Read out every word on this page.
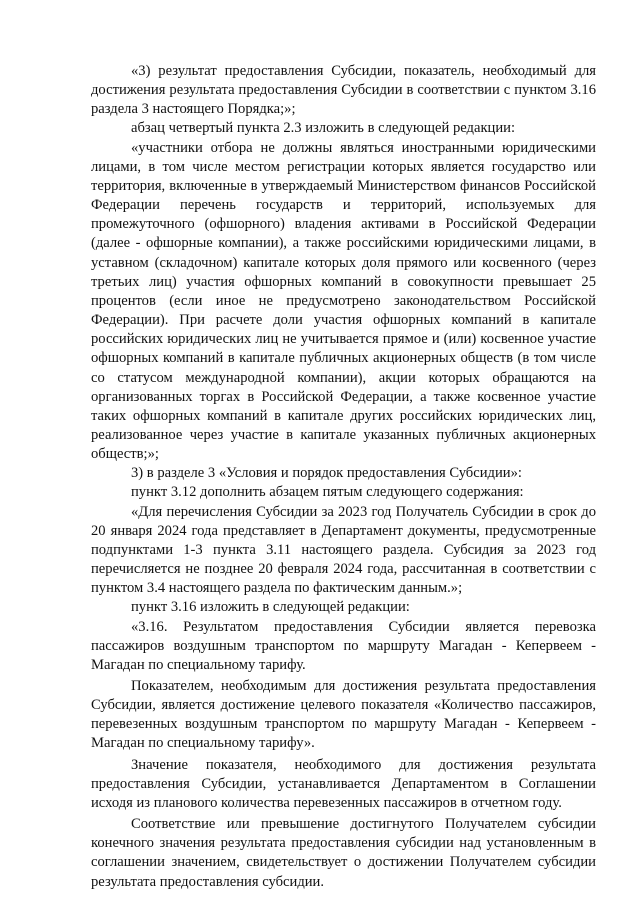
«3) результат предоставления Субсидии, показатель, необходимый для достижения результата предоставления Субсидии в соответствии с пунктом 3.16 раздела 3 настоящего Порядка;»;

абзац четвертый пункта 2.3 изложить в следующей редакции:

«участники отбора не должны являться иностранными юридическими лицами, в том числе местом регистрации которых является государство или территория, включенные в утверждаемый Министерством финансов Российской Федерации перечень государств и территорий, используемых для промежуточного (офшорного) владения активами в Российской Федерации (далее - офшорные компании), а также российскими юридическими лицами, в уставном (складочном) капитале которых доля прямого или косвенного (через третьих лиц) участия офшорных компаний в совокупности превышает 25 процентов (если иное не предусмотрено законодательством Российской Федерации). При расчете доли участия офшорных компаний в капитале российских юридических лиц не учитывается прямое и (или) косвенное участие офшорных компаний в капитале публичных акционерных обществ (в том числе со статусом международной компании), акции которых обращаются на организованных торгах в Российской Федерации, а также косвенное участие таких офшорных компаний в капитале других российских юридических лиц, реализованное через участие в капитале указанных публичных акционерных обществ;»;

3) в разделе 3 «Условия и порядок предоставления Субсидии»:

пункт 3.12 дополнить абзацем пятым следующего содержания:

«Для перечисления Субсидии за 2023 год Получатель Субсидии в срок до 20 января 2024 года представляет в Департамент документы, предусмотренные подпунктами 1-3 пункта 3.11 настоящего раздела. Субсидия за 2023 год перечисляется не позднее 20 февраля 2024 года, рассчитанная в соответствии с пунктом 3.4 настоящего раздела по фактическим данным.»;

пункт 3.16 изложить в следующей редакции:

«3.16. Результатом предоставления Субсидии является перевозка пассажиров воздушным транспортом по маршруту Магадан - Кепервеем - Магадан по специальному тарифу.

Показателем, необходимым для достижения результата предоставления Субсидии, является достижение целевого показателя «Количество пассажиров, перевезенных воздушным транспортом по маршруту Магадан - Кепервеем - Магадан по специальному тарифу».

Значение показателя, необходимого для достижения результата предоставления Субсидии, устанавливается Департаментом в Соглашении исходя из планового количества перевезенных пассажиров в отчетном году.

Соответствие или превышение достигнутого Получателем субсидии конечного значения результата предоставления субсидии над установленным в соглашении значением, свидетельствует о достижении Получателем субсидии результата предоставления субсидии.
